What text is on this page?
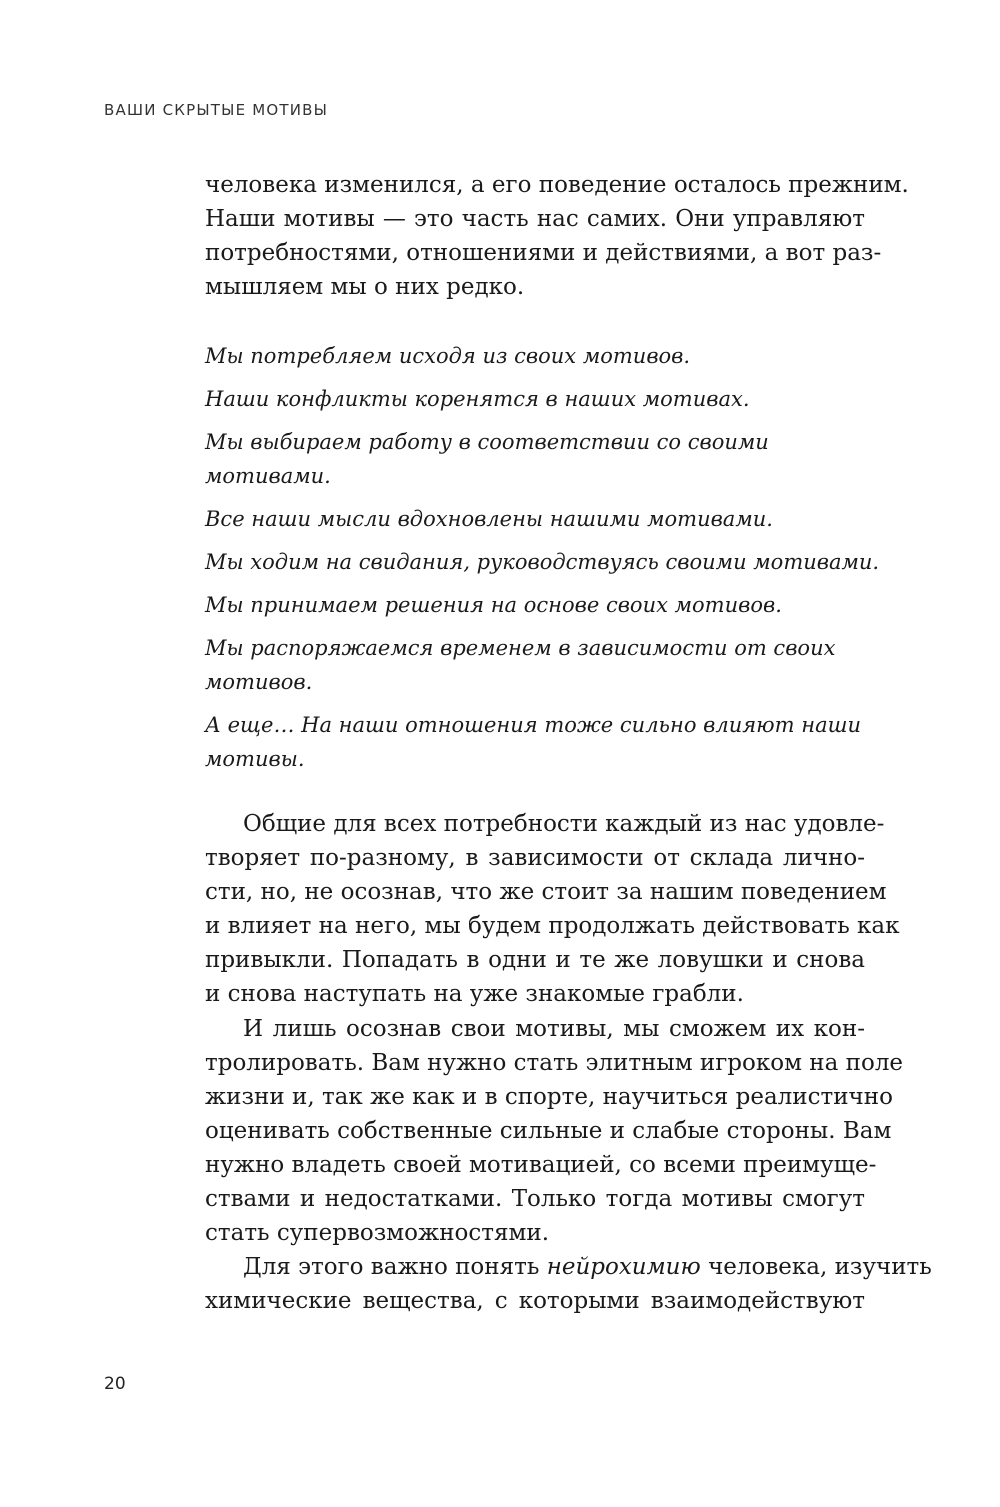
ВАШИ СКРЫТЫЕ МОТИВЫ
человека изменился, а его поведение осталось прежним.
Наши мотивы — это часть нас самих. Они управляют
потребностями, отношениями и действиями, а вот раз-
мышляем мы о них редко.
Мы потребляем исходя из своих мотивов.
Наши конфликты коренятся в наших мотивах.
Мы выбираем работу в соответствии со своими
мотивами.
Все наши мысли вдохновлены нашими мотивами.
Мы ходим на свидания, руководствуясь своими мотивами.
Мы принимаем решения на основе своих мотивов.
Мы распоряжаемся временем в зависимости от своих
мотивов.
А еще… На наши отношения тоже сильно влияют наши
мотивы.
Общие для всех потребности каждый из нас удовле-
творяет по-разному, в зависимости от склада лично-
сти, но, не осознав, что же стоит за нашим поведением
и влияет на него, мы будем продолжать действовать как
привыкли. Попадать в одни и те же ловушки и снова
и снова наступать на уже знакомые грабли.
И лишь осознав свои мотивы, мы сможем их кон-
тролировать. Вам нужно стать элитным игроком на поле
жизни и, так же как и в спорте, научиться реалистично
оценивать собственные сильные и слабые стороны. Вам
нужно владеть своей мотивацией, со всеми преимуще-
ствами и недостатками. Только тогда мотивы смогут
стать супервозможностями.
Для этого важно понять нейрохимию человека, изучить
химические вещества, с которыми взаимодействуют
20
